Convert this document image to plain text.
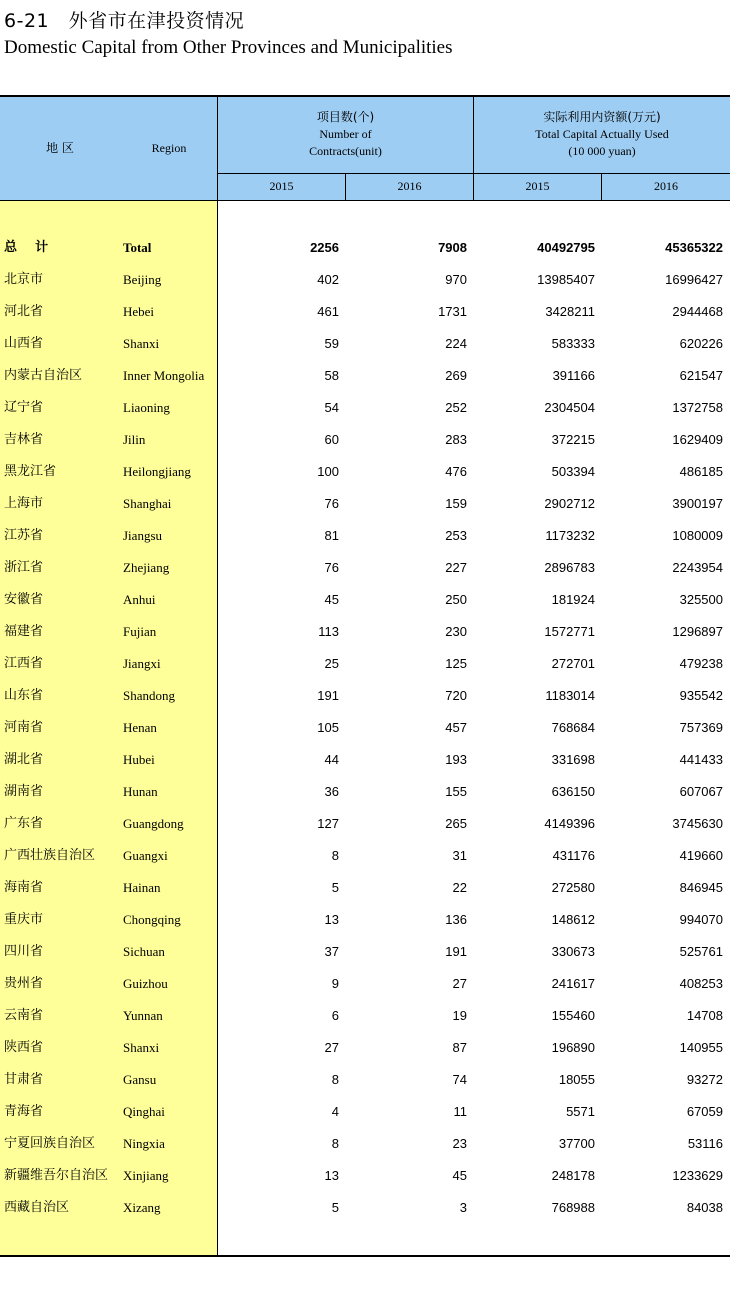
6-21　外省市在津投资情况
Domestic Capital from Other Provinces and Municipalities
地 区	Region
项目数(个)
Number of
Contracts(unit)
实际利用内资额(万元)
Total Capital Actually Used
(10 000 yuan)
2015	2016	2015	2016
总    计	Total	2256	7908	40492795	45365322
北京市	Beijing	402	970	13985407	16996427
河北省	Hebei	461	1731	3428211	2944468
山西省	Shanxi	59	224	583333	620226
内蒙古自治区	Inner Mongolia	58	269	391166	621547
辽宁省	Liaoning	54	252	2304504	1372758
吉林省	Jilin	60	283	372215	1629409
黑龙江省	Heilongjiang	100	476	503394	486185
上海市	Shanghai	76	159	2902712	3900197
江苏省	Jiangsu	81	253	1173232	1080009
浙江省	Zhejiang	76	227	2896783	2243954
安徽省	Anhui	45	250	181924	325500
福建省	Fujian	113	230	1572771	1296897
江西省	Jiangxi	25	125	272701	479238
山东省	Shandong	191	720	1183014	935542
河南省	Henan	105	457	768684	757369
湖北省	Hubei	44	193	331698	441433
湖南省	Hunan	36	155	636150	607067
广东省	Guangdong	127	265	4149396	3745630
广西壮族自治区 Guangxi	8	31	431176	419660
海南省	Hainan	5	22	272580	846945
重庆市	Chongqing	13	136	148612	994070
四川省	Sichuan	37	191	330673	525761
贵州省	Guizhou	9	27	241617	408253
云南省	Yunnan	6	19	155460	14708
陕西省	Shanxi	27	87	196890	140955
甘肃省	Gansu	8	74	18055	93272
青海省	Qinghai	4	11	5571	67059
宁夏回族自治区 Ningxia	8	23	37700	53116
新疆维吾尔自治区 Xinjiang	13	45	248178	1233629
西藏自治区	Xizang	5	3	768988	84038
